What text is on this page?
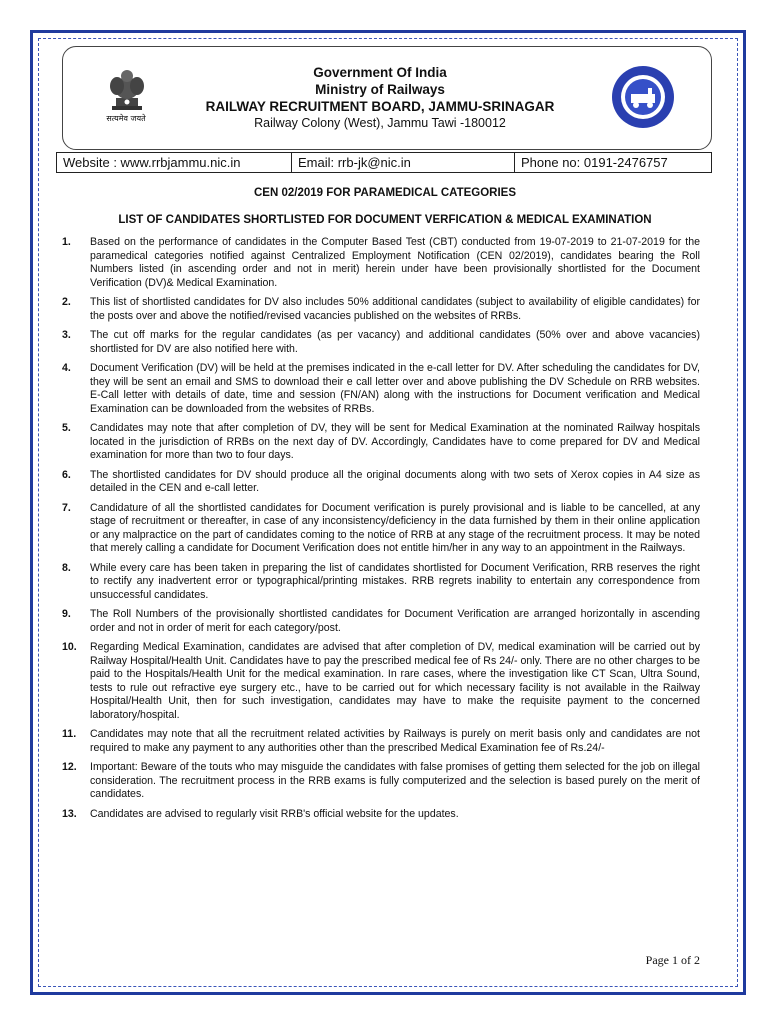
सत्यमेव जयते
Government Of India
Ministry of Railways
RAILWAY RECRUITMENT BOARD, JAMMU-SRINAGAR
Railway Colony (West), Jammu Tawi -180012
Website : www.rrbjammu.nic.in	Email: rrb-jk@nic.in	Phone no: 0191-2476757
CEN 02/2019 FOR PARAMEDICAL CATEGORIES
LIST OF CANDIDATES SHORTLISTED FOR DOCUMENT VERFICATION & MEDICAL EXAMINATION
1. Based on the performance of candidates in the Computer Based Test (CBT) conducted from 19-07-2019 to 21-07-2019 for the paramedical categories notified against Centralized Employment Notification (CEN 02/2019), candidates bearing the Roll Numbers listed (in ascending order and not in merit) herein under have been provisionally shortlisted for the Document Verification (DV)& Medical Examination.
2. This list of shortlisted candidates for DV also includes 50% additional candidates (subject to availability of eligible candidates) for the posts over and above the notified/revised vacancies published on the websites of RRBs.
3. The cut off marks for the regular candidates (as per vacancy) and additional candidates (50% over and above vacancies) shortlisted for DV are also notified here with.
4. Document Verification (DV) will be held at the premises indicated in the e-call letter for DV. After scheduling the candidates for DV, they will be sent an email and SMS to download their e call letter over and above publishing the DV Schedule on RRB websites. E-Call letter with details of date, time and session (FN/AN) along with the instructions for Document verification and Medical Examination can be downloaded from the websites of RRBs.
5. Candidates may note that after completion of DV, they will be sent for Medical Examination at the nominated Railway hospitals located in the jurisdiction of RRBs on the next day of DV. Accordingly, Candidates have to come prepared for DV and Medical examination for more than two to four days.
6. The shortlisted candidates for DV should produce all the original documents along with two sets of Xerox copies in A4 size as detailed in the CEN and e-call letter.
7. Candidature of all the shortlisted candidates for Document verification is purely provisional and is liable to be cancelled, at any stage of recruitment or thereafter, in case of any inconsistency/deficiency in the data furnished by them in their online application or any malpractice on the part of candidates coming to the notice of RRB at any stage of the recruitment process. It may be noted that merely calling a candidate for Document Verification does not entitle him/her in any way to an appointment in the Railways.
8. While every care has been taken in preparing the list of candidates shortlisted for Document Verification, RRB reserves the right to rectify any inadvertent error or typographical/printing mistakes. RRB regrets inability to entertain any correspondence from unsuccessful candidates.
9. The Roll Numbers of the provisionally shortlisted candidates for Document Verification are arranged horizontally in ascending order and not in order of merit for each category/post.
10. Regarding Medical Examination, candidates are advised that after completion of DV, medical examination will be carried out by Railway Hospital/Health Unit. Candidates have to pay the prescribed medical fee of Rs 24/- only. There are no other charges to be paid to the Hospitals/Health Unit for the medical examination. In rare cases, where the investigation like CT Scan, Ultra Sound, tests to rule out refractive eye surgery etc., have to be carried out for which necessary facility is not available in the Railway Hospital/Health Unit, then for such investigation, candidates may have to make the requisite payment to the concerned laboratory/hospital.
11. Candidates may note that all the recruitment related activities by Railways is purely on merit basis only and candidates are not required to make any payment to any authorities other than the prescribed Medical Examination fee of Rs.24/-
12. Important: Beware of the touts who may misguide the candidates with false promises of getting them selected for the job on illegal consideration. The recruitment process in the RRB exams is fully computerized and the selection is based purely on the merit of candidates.
13. Candidates are advised to regularly visit RRB's official website for the updates.
Page 1 of 2
